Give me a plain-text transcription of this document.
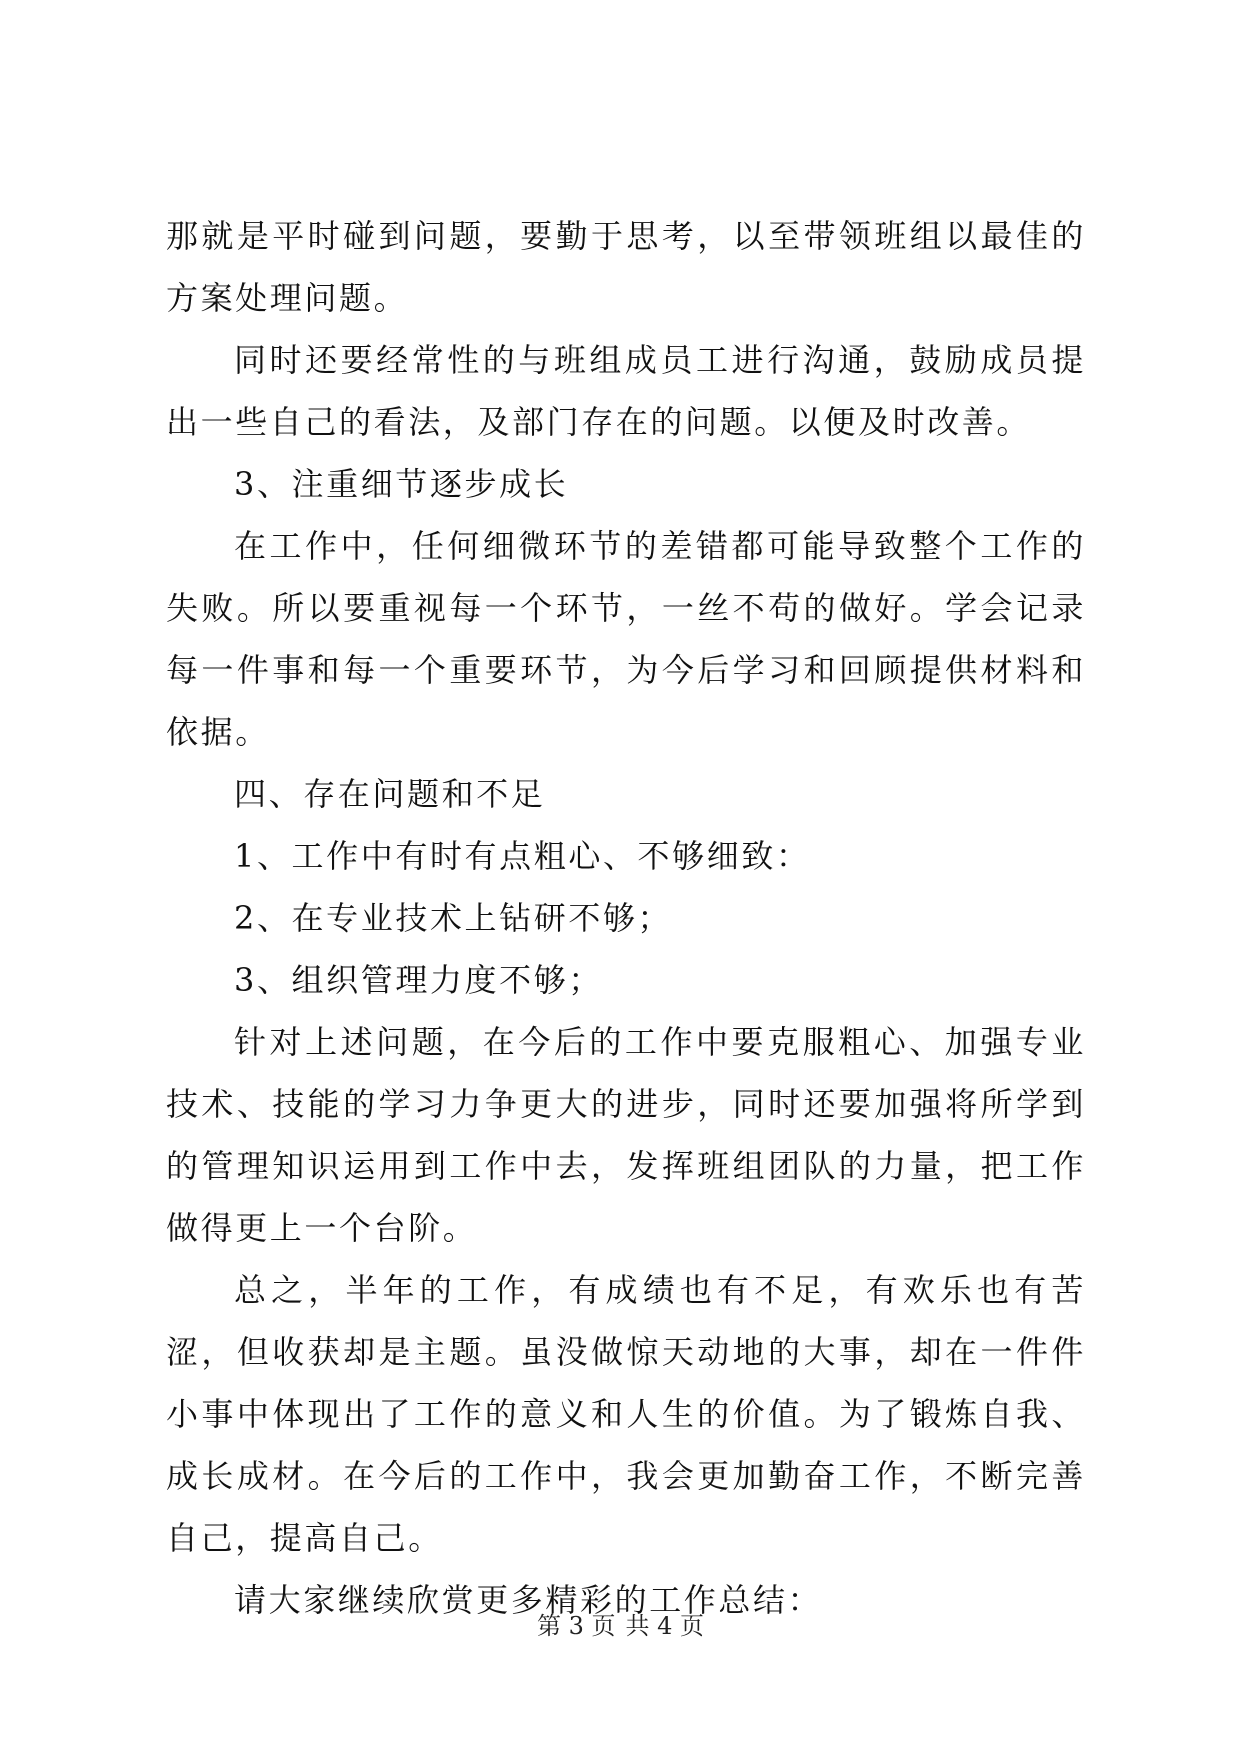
那就是平时碰到问题，要勤于思考，以至带领班组以最佳的方案处理问题。

同时还要经常性的与班组成员工进行沟通，鼓励成员提出一些自己的看法，及部门存在的问题。以便及时改善。

3、注重细节逐步成长

在工作中，任何细微环节的差错都可能导致整个工作的失败。所以要重视每一个环节，一丝不苟的做好。学会记录每一件事和每一个重要环节，为今后学习和回顾提供材料和依据。

四、存在问题和不足

1、工作中有时有点粗心、不够细致：

2、在专业技术上钻研不够；

3、组织管理力度不够；

针对上述问题，在今后的工作中要克服粗心、加强专业技术、技能的学习力争更大的进步，同时还要加强将所学到的管理知识运用到工作中去，发挥班组团队的力量，把工作做得更上一个台阶。

总之，半年的工作，有成绩也有不足，有欢乐也有苦涩，但收获却是主题。虽没做惊天动地的大事，却在一件件小事中体现出了工作的意义和人生的价值。为了锻炼自我、成长成材。在今后的工作中，我会更加勤奋工作，不断完善自己，提高自己。

请大家继续欣赏更多精彩的工作总结：

第 3 页 共 4 页
